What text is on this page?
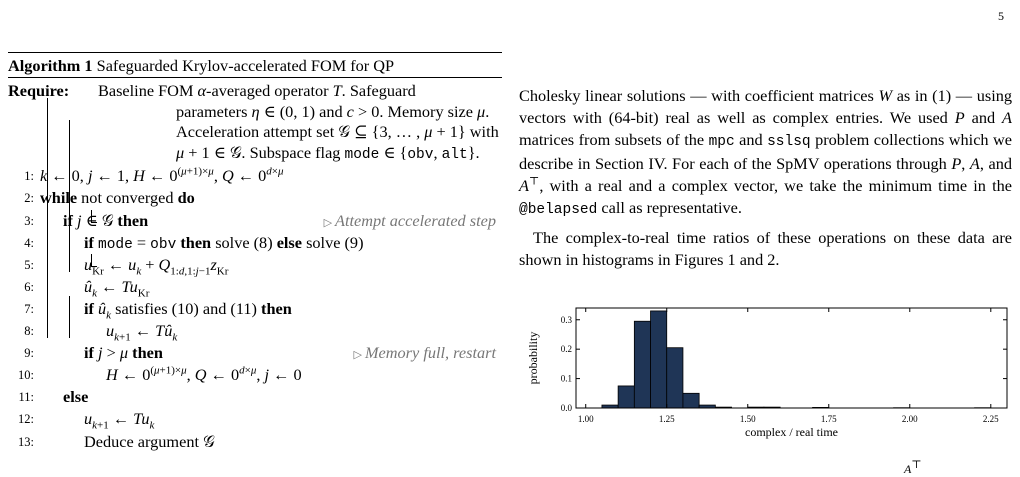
5
Algorithm 1 Safeguarded Krylov-accelerated FOM for QP
Require:	Baseline FOM α-averaged operator T. Safeguard
parameters η ∈ (0, 1) and c > 0. Memory size μ.
Acceleration attempt set 𝒢 ⊆ {3, … , μ + 1} with
μ + 1 ∈ 𝒢. Subspace flag mode ∈ {obv, alt}.
1: k ← 0, j ← 1, H ← $0^{(\mu+1)\times\mu}$, Q ← $0^{d\times\mu}$
2: while not converged do
3: if j ∈ 𝒢 then	▷ Attempt accelerated step
4:	if mode = obv then solve (8) else solve (9)
5:	$u_{Kr}$ ← $u_k + Q_{1:d,1:j-1}z_{Kr}$
6:	$û_k$ ← $Tu_{Kr}$
7:	if $û_k$ satisfies (10) and (11) then
8:	$u_{k+1}$ ← $Tû_k$
9:	if j > μ then	▷ Memory full, restart
10:	H ← $0^{(\mu+1)\times\mu}$, Q ← $0^{d\times\mu}$, j ← 0
11: else
12:	$u_{k+1}$ ← $Tu_k$
13:	Deduce argument 𝒢

Cholesky linear solutions — with coefficient matrices W as in (1) — using vectors with (64-bit) real as well as complex entries. We used P and A matrices from subsets of the mpc and sslsq problem collections which we describe in Section IV. For each of the SpMV operations through P, A, and A⊤, with a real and a complex vector, we take the minimum time in the @belapsed call as representative.

The complex-to-real time ratios of these operations on these data are shown in histograms in Figures 1 and 2.

1.00	1.25	1.50	1.75	2.00	2.25
0.0
0.1
0.2
0.3
probability
complex / real time
A⊤
